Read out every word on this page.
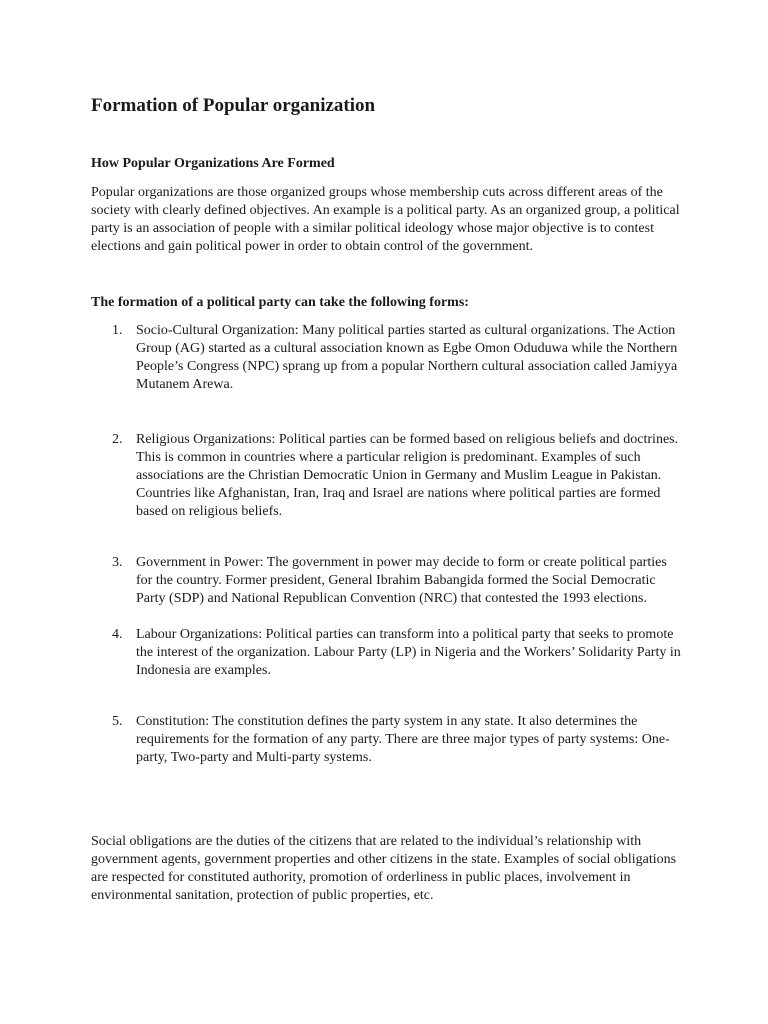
Formation of Popular organization
How Popular Organizations Are Formed

Popular organizations are those organized groups whose membership cuts across different areas of the society with clearly defined objectives. An example is a political party. As an organized group, a political party is an association of people with a similar political ideology whose major objective is to contest elections and gain political power in order to obtain control of the government.

The formation of a political party can take the following forms:
1. Socio-Cultural Organization: Many political parties started as cultural organizations. The Action Group (AG) started as a cultural association known as Egbe Omon Oduduwa while the Northern People’s Congress (NPC) sprang up from a popular Northern cultural association called Jamiyya Mutanem Arewa.

2. Religious Organizations: Political parties can be formed based on religious beliefs and doctrines. This is common in countries where a particular religion is predominant. Examples of such associations are the Christian Democratic Union in Germany and Muslim League in Pakistan. Countries like Afghanistan, Iran, Iraq and Israel are nations where political parties are formed based on religious beliefs.

3. Government in Power: The government in power may decide to form or create political parties for the country. Former president, General Ibrahim Babangida formed the Social Democratic Party (SDP) and National Republican Convention (NRC) that contested the 1993 elections.

4. Labour Organizations: Political parties can transform into a political party that seeks to promote the interest of the organization. Labour Party (LP) in Nigeria and the Workers’ Solidarity Party in Indonesia are examples.

5. Constitution: The constitution defines the party system in any state. It also determines the requirements for the formation of any party. There are three major types of party systems: One-party, Two-party and Multi-party systems.

Social obligations are the duties of the citizens that are related to the individual’s relationship with government agents, government properties and other citizens in the state. Examples of social obligations are respected for constituted authority, promotion of orderliness in public places, involvement in environmental sanitation, protection of public properties, etc.
